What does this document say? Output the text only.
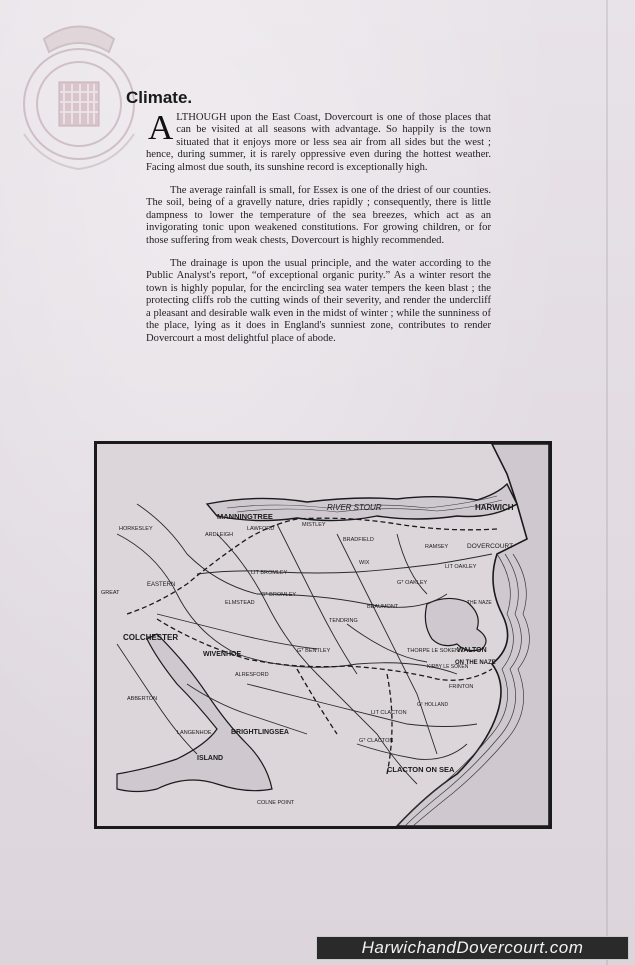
Climate.

ALTHOUGH upon the East Coast, Dovercourt is one of those places that can be visited at all seasons with advantage. So happily is the town situated that it enjoys more or less sea air from all sides but the west ; hence, during summer, it is rarely oppressive even during the hottest weather. Facing almost due south, its sunshine record is exceptionally high.

The average rainfall is small, for Essex is one of the driest of our counties. The soil, being of a gravelly nature, dries rapidly ; consequently, there is little dampness to lower the temperature of the sea breezes, which act as an invigorating tonic upon weakened constitutions. For growing children, or for those suffering from weak chests, Dovercourt is highly recommended.

The drainage is upon the usual principle, and the water according to the Public Analyst's report, “of exceptional organic purity.” As a winter resort the town is highly popular, for the encircling sea water tempers the keen blast ; the protecting cliffs rob the cutting winds of their severity, and render the undercliff a pleasant and desirable walk even in the midst of winter ; while the sunniness of the place, lying as it does in England's sunniest zone, contributes to render Dovercourt a most delightful place of abode.

RIVER STOUR	HARWICH
DOVERCOURT
MANNINGTREE
LAWFORD
MISTLEY
BRADFIELD
RAMSEY
WIX
HORKESLEY
ARDLEIGH
LIT BROMLEY
Gᵀ BROMLEY
ELMSTEAD
LIT OAKLEY
Gᵀ OAKLEY
BEAUMONT
TENDRING
COLCHESTER
WIVENHOE	Gᵀ BENTLEY	THORPE LE SOKEN
KIRBY LE SOKEN
WALTON
ON THE NAZE
THE NAZE
FRINTON
Gᵀ HOLLAND
ALRESFORD
BRIGHTLINGSEA
LIT CLACTON
Gᵀ CLACTON
CLACTON ON SEA
ABBERTON
LANGENHOE
ISLAND
COLNE POINT
GREAT
EASTERN
HarwichandDovercourt.com
